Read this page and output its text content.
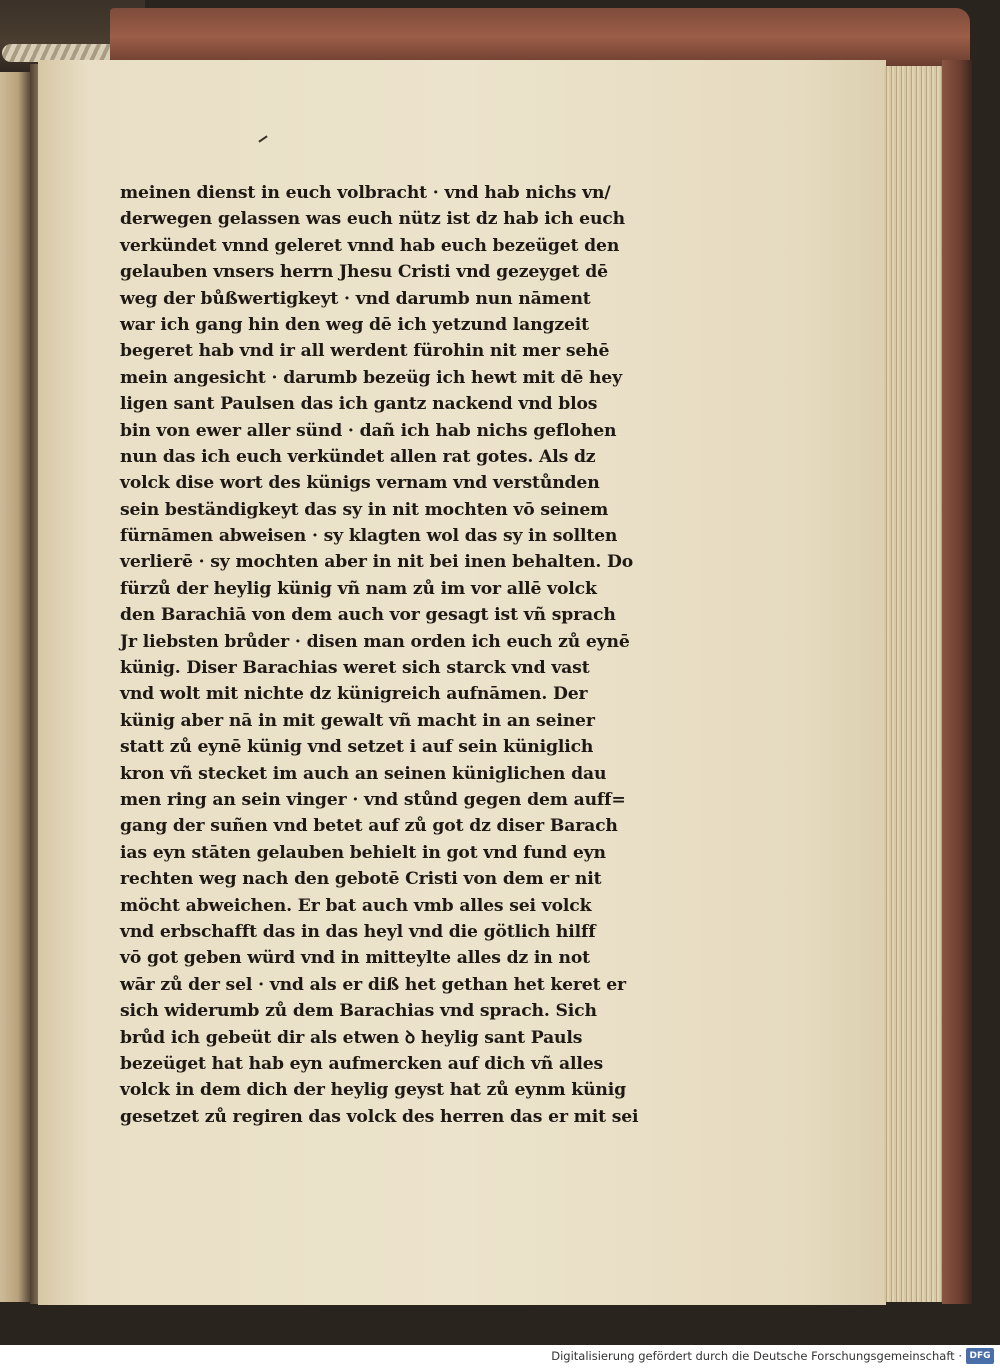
meinen dienst in euch volbracht · vnd hab nichs vn/
derwegen gelassen was euch nütz ist dz hab ich euch
verkündet vnnd geleret vnnd hab euch bezeüget den
gelauben vnsers herrn Jhesu Cristi vnd gezeyget dē
weg der bůßwertigkeyt · vnd darumb nun nāment
war ich gang hin den weg dē ich yetzund langzeit
begeret hab vnd ir all werdent fürohin nit mer sehē
mein angesicht · darumb bezeüg ich hewt mit dē hey
ligen sant Paulsen das ich gantz nackend vnd blos
bin von ewer aller sünd · dañ ich hab nichs geflohen
nun das ich euch verkündet allen rat gotes. Als dz
volck dise wort des künigs vernam vnd verstůnden
sein beständigkeyt das sy in nit mochten vō seinem
fürnāmen abweisen · sy klagten wol das sy in sollten
verlierē · sy mochten aber in nit bei inen behalten. Do
fürzů der heylig künig vñ nam zů im vor allē volck
den Barachiā von dem auch vor gesagt ist vñ sprach
Jr liebsten brůder · disen man orden ich euch zů eynē
künig. Diser Barachias weret sich starck vnd vast
vnd wolt mit nichte dz künigreich aufnāmen. Der
künig aber nā in mit gewalt vñ macht in an seiner
statt zů eynē künig vnd setzet i auf sein küniglich
kron vñ stecket im auch an seinen küniglichen dau
men ring an sein vinger · vnd stůnd gegen dem auff=
gang der suñen vnd betet auf zů got dz diser Barach
ias eyn stāten gelauben behielt in got vnd fund eyn
rechten weg nach den gebotē Cristi von dem er nit
möcht abweichen. Er bat auch vmb alles sei volck
vnd erbschafft das in das heyl vnd die götlich hilff
vō got geben würd vnd in mitteylte alles dz in not
wār zů der sel · vnd als er diß het gethan het keret er
sich widerumb zů dem Barachias vnd sprach. Sich
brůd ich gebeüt dir als etwen ꝺ heylig sant Pauls
bezeüget hat hab eyn aufmercken auf dich vñ alles
volck in dem dich der heylig geyst hat zů eynm künig
gesetzet zů regiren das volck des herren das er mit sei

Digitalisierung gefördert durch die Deutsche Forschungsgemeinschaft · DFG
